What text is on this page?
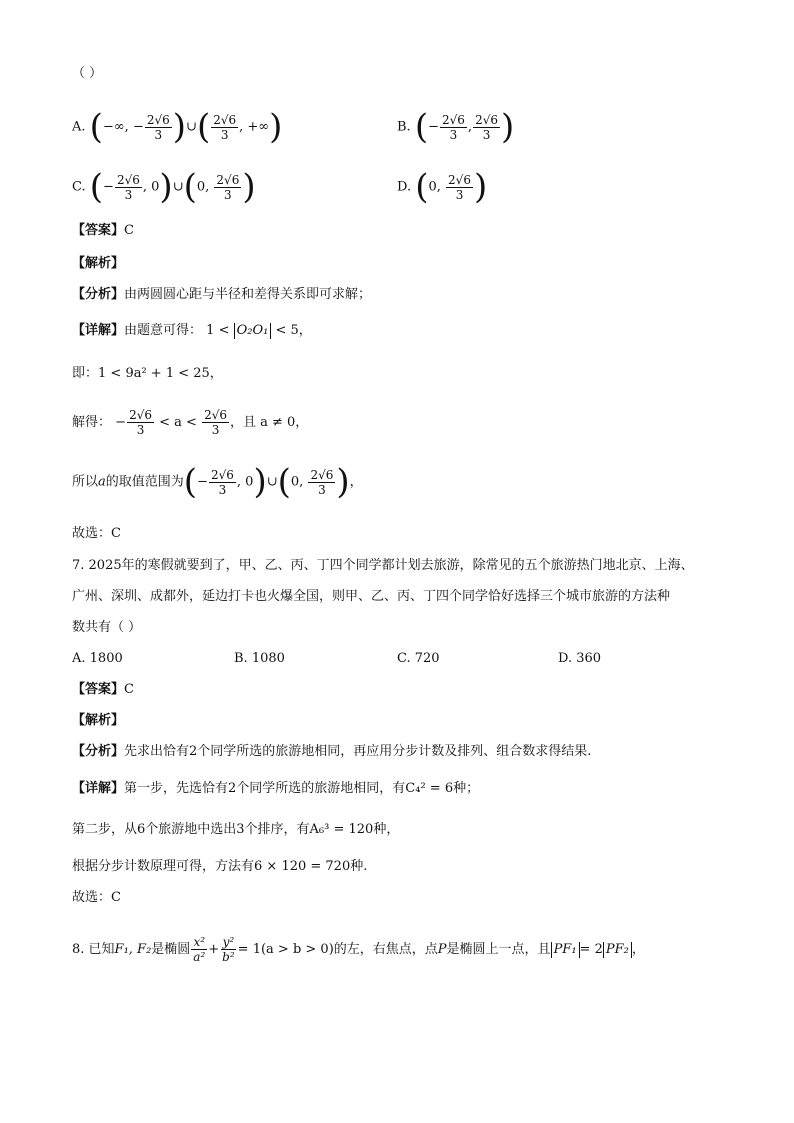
（ ）
A. (−∞, − $\frac{2√6}{3}$ )∪( $\frac{2√6}{3}$ , +∞)	B. (− $\frac{2√6}{3}$ , $\frac{2√6}{3}$ )
C. (− $\frac{2√6}{3}$ , 0)∪(0, $\frac{2√6}{3}$ )	D. (0, $\frac{2√6}{3}$ )
【答案】C
【解析】
【分析】由两圆圆心距与半径和差得关系即可求解；
【详解】由题意可得： 1 < O₂O₁ < 5，
即：1 < 9a² + 1 < 25，
解得： − $\frac{2√6}{3} < a < \frac{2√6}{3}$ ，且 a ≠ 0，
所以a的取值范围为(− $\frac{2√6}{3}$ , 0)∪(0, $\frac{2√6}{3}$ )，
故选：C
7. 2025年的寒假就要到了，甲、乙、丙、丁四个同学都计划去旅游，除常见的五个旅游热门地北京、上海、
广州、深圳、成都外，延边打卡也火爆全国，则甲、乙、丙、丁四个同学恰好选择三个城市旅游的方法种
数共有（ ）
A. 1800	B. 1080	C. 720	D. 360
【答案】C
【解析】
【分析】先求出恰有2个同学所选的旅游地相同，再应用分步计数及排列、组合数求得结果.
【详解】第一步，先选恰有2个同学所选的旅游地相同，有C₄² = 6种；
第二步，从6个旅游地中选出3个排序，有A₆³ = 120种，
根据分步计数原理可得，方法有6 × 120 = 720种.
故选：C
8. 已知F₁, F₂是椭圆 $\frac{\text{x²}}{\text{a²}} + \frac{\text{y²}}{\text{b²}} = 1(a > b > 0)$的左，右焦点，点P是椭圆上一点，且 PF₁ = 2 PF₂ ，
